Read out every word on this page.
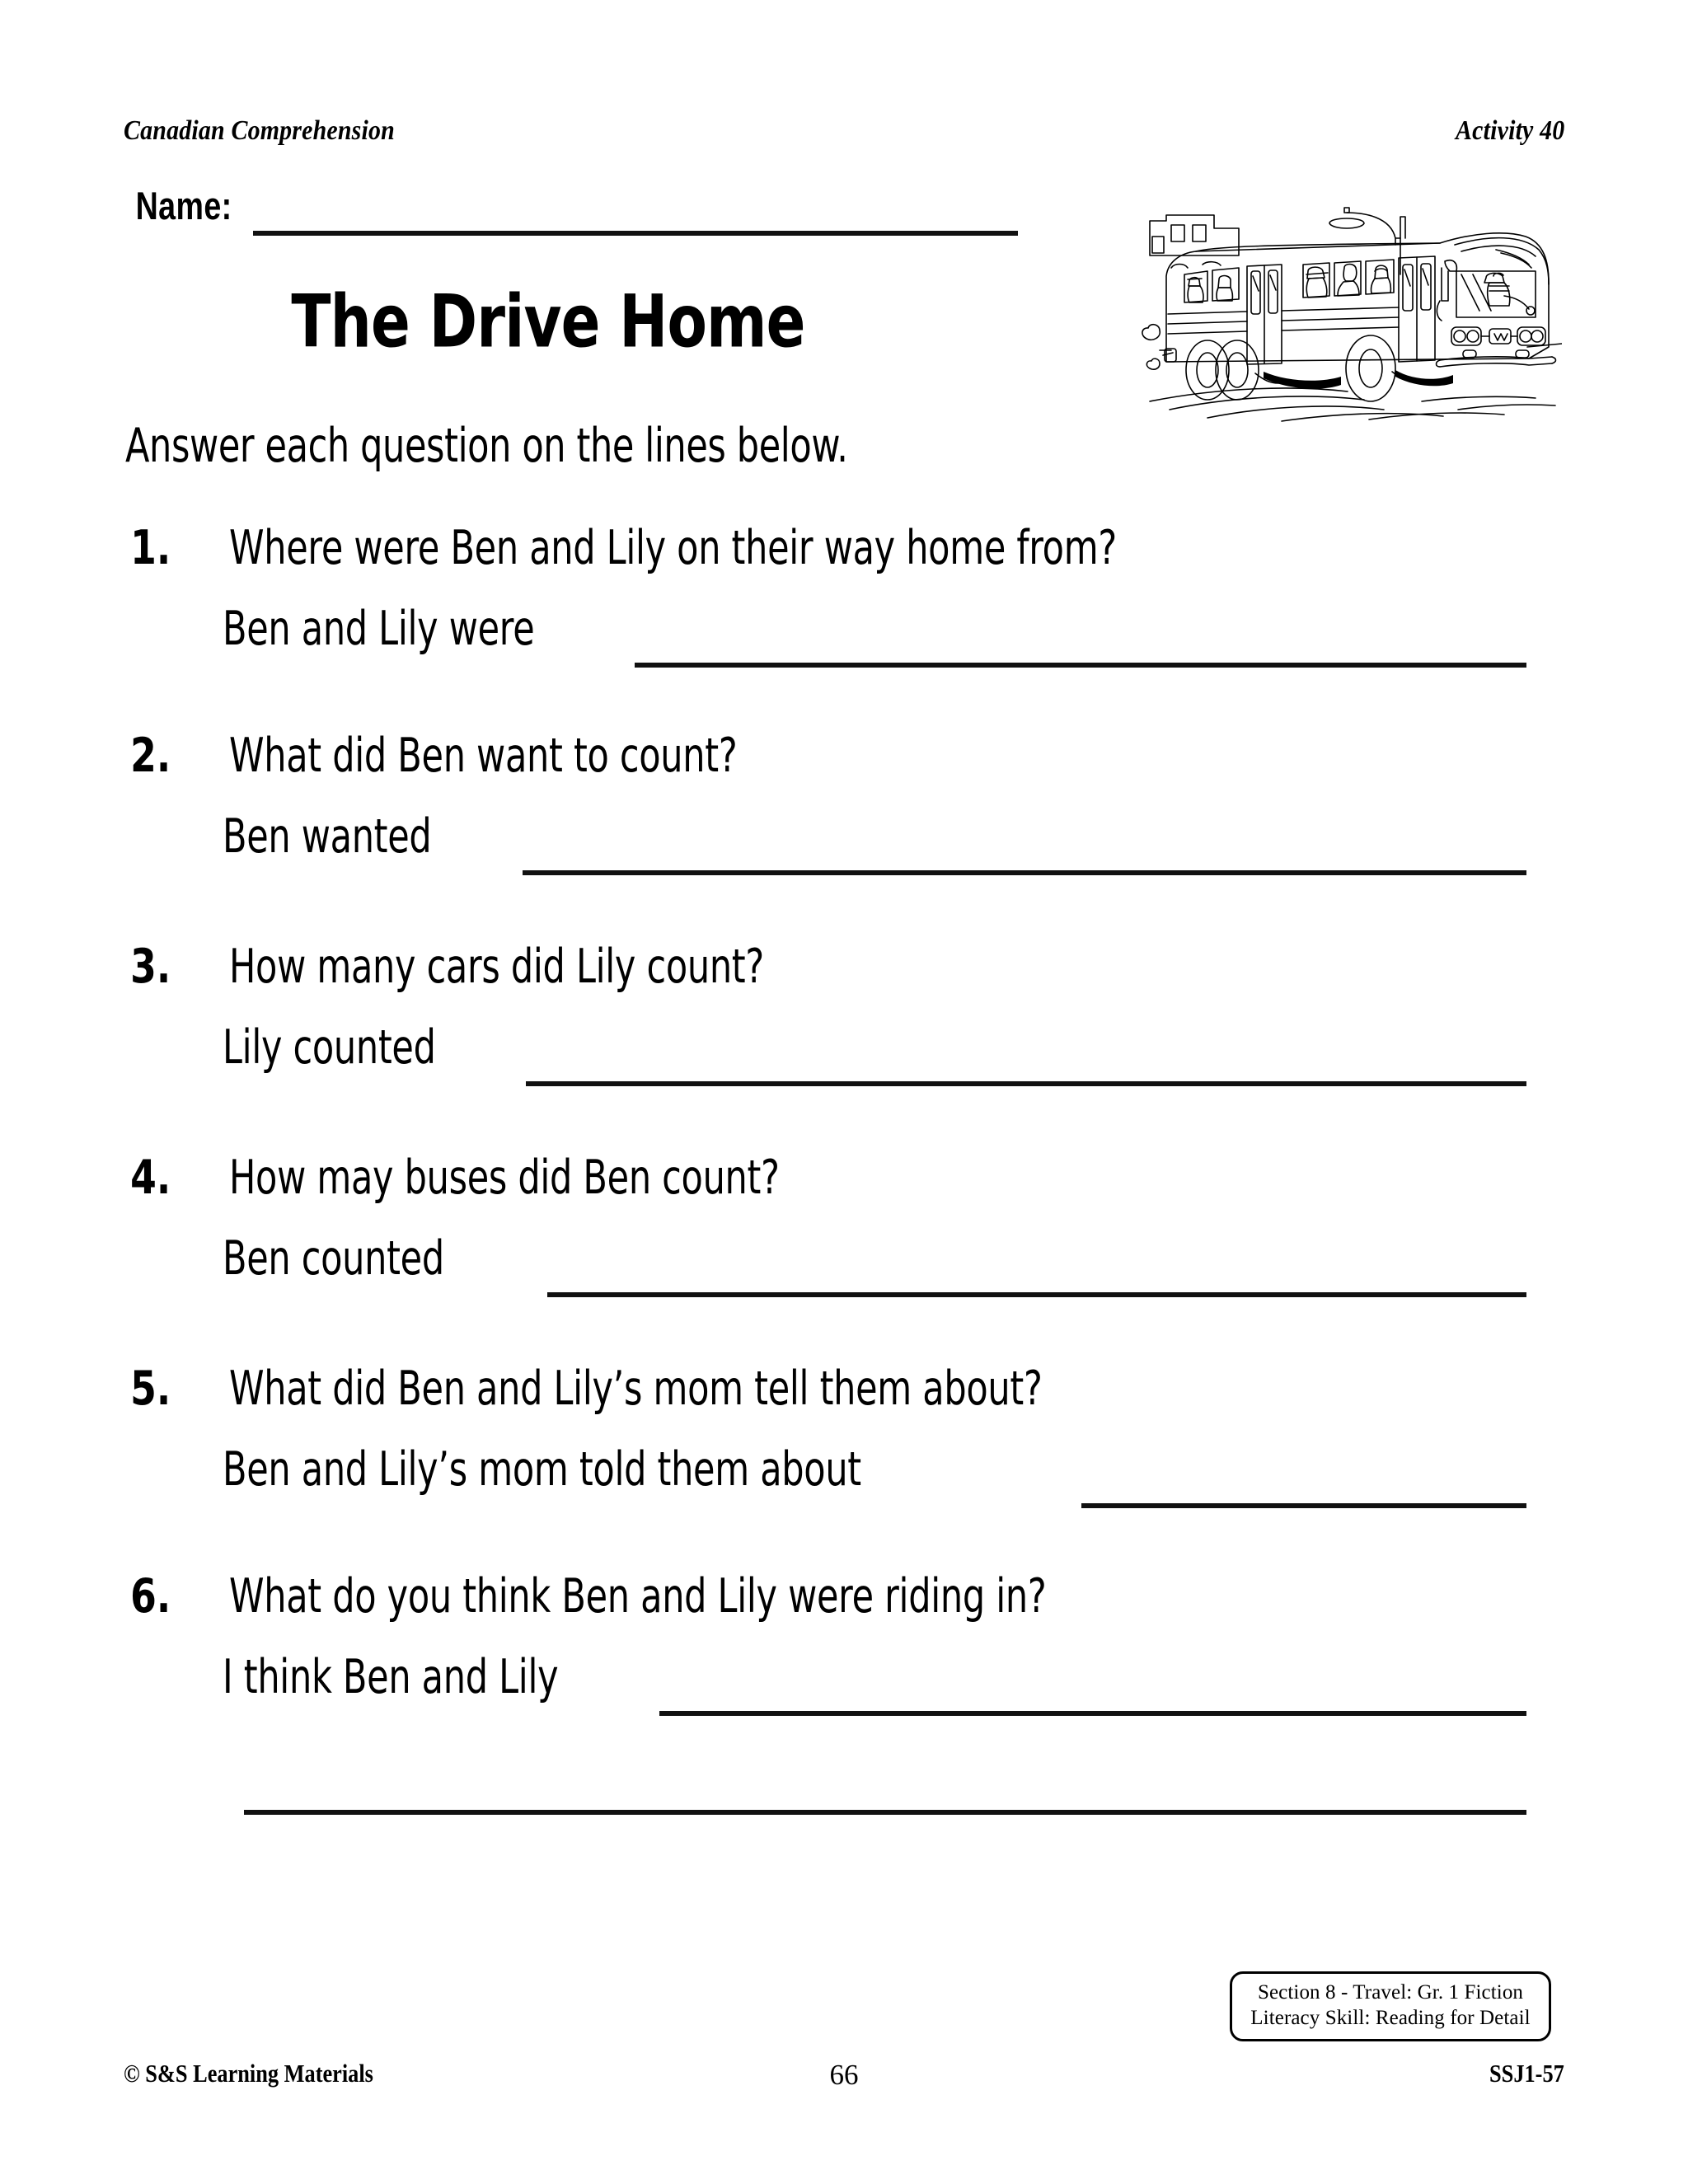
Canadian Comprehension	Activity 40
Name:
The Drive Home
Answer each question on the lines below.
1. Where were Ben and Lily on their way home from?
Ben and Lily were
2. What did Ben want to count?
Ben wanted
3. How many cars did Lily count?
Lily counted
4. How may buses did Ben count?
Ben counted
5. What did Ben and Lily’s mom tell them about?
Ben and Lily’s mom told them about
6. What do you think Ben and Lily were riding in?
I think Ben and Lily
Section 8 - Travel: Gr. 1 Fiction
Literacy Skill: Reading for Detail
© S&S Learning Materials	66	SSJ1-57
